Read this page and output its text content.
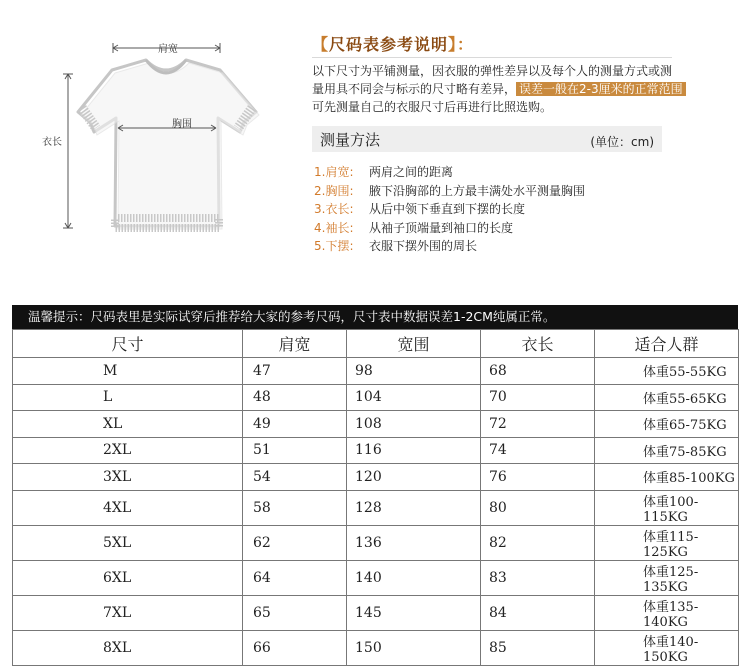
肩宽
胸围
衣长
【尺码表参考说明】：
以下尺寸为平铺测量，因衣服的弹性差异以及每个人的测量方式或测
量用具不同会与标示的尺寸略有差异， 误差一般在2-3厘米的正常范围
可先测量自己的衣服尺寸后再进行比照选购。
测量方法	(单位：cm)
1.肩宽: 两肩之间的距离
2.胸围: 腋下沿胸部的上方最丰满处水平测量胸围
3.衣长: 从后中领下垂直到下摆的长度
4.袖长: 从袖子顶端量到袖口的长度
5.下摆: 衣服下摆外围的周长
温馨提示：尺码表里是实际试穿后推荐给大家的参考尺码，尺寸表中数据误差1-2CM纯属正常。
尺寸	肩宽	宽围	衣长	适合人群
M	47	98	68	体重55-55KG
L	48	104	70	体重55-65KG
XL	49	108	72	体重65-75KG
2XL	51	116	74	体重75-85KG
3XL	54	120	76	体重85-100KG
4XL	58	128	80	体重100-115KG
5XL	62	136	82	体重115-125KG
6XL	64	140	83	体重125-135KG
7XL	65	145	84	体重135-140KG
8XL	66	150	85	体重140-150KG
